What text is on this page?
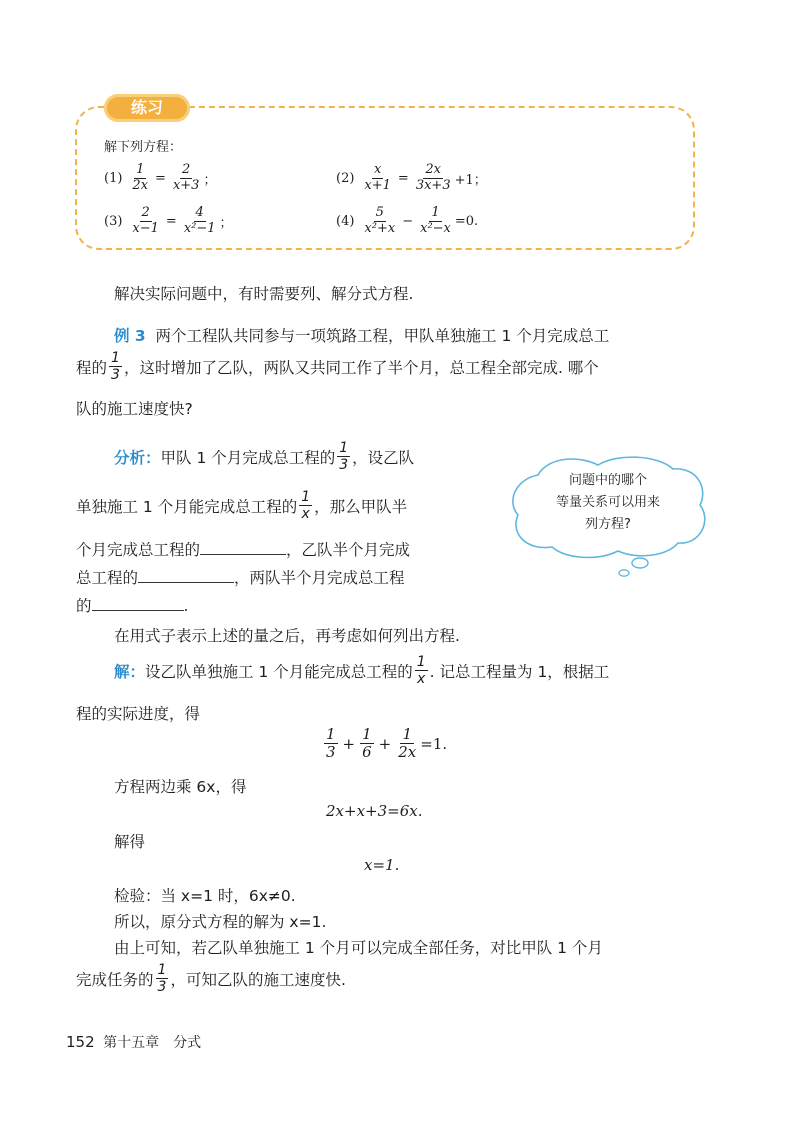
练习
解下列方程：
$(1) \frac{1}{2x} = \frac{2}{x+3}$ ；	$(2) \frac{x}{x+1} = \frac{2x}{3x+3} +1$；
$(3) \frac{2}{x-1} = \frac{4}{\text{x²−1}}$ ；	$(4) \frac{5}{\text{x²+x}} - \frac{1}{\text{x²−x}} =0$.
解决实际问题中，有时需要列、解分式方程.
例 3 两个工程队共同参与一项筑路工程，甲队单独施工 1 个月完成总工
程的 $\frac{1}{3}$ ，这时增加了乙队，两队又共同工作了半个月，总工程全部完成. 哪个
队的施工速度快?
分析： 甲队 1 个月完成总工程的 $\frac{1}{3}$ ，设乙队
单独施工 1 个月能完成总工程的 $\frac{1}{x}$ ，那么甲队半
个月完成总工程的	，乙队半个月完成
总工程的	，两队半个月完成总工程
的	.
在用式子表示上述的量之后，再考虑如何列出方程.
问题中的哪个
等量关系可以用来
列方程?
解： 设乙队单独施工 1 个月能完成总工程的 $\frac{1}{x}$ . 记总工程量为 1，根据工
程的实际进度，得
$\frac{1}{3} + \frac{1}{6} + \frac{1}{2x} =1$.
方程两边乘 6x，得
2x+x+3=6x.
解得
x=1.
检验：当 x=1 时，6x≠0.
所以，原分式方程的解为 x=1.
由上可知，若乙队单独施工 1 个月可以完成全部任务，对比甲队 1 个月
完成任务的 $\frac{1}{3}$ ，可知乙队的施工速度快.
152 第十五章　分式
